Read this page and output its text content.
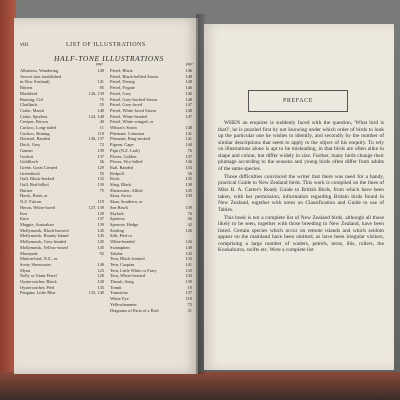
viii	LIST OF ILLUSTRATIONS
HALF-TONE ILLUSTRATIONS
page	page
Albatross, Wandering	148
Avocet (not established
in New Zealand)	141
Bittern	85
Blackbird	126, 139
Bunting, Cirl	75
Chaffinch	55
Crake, Marsh	140
Crake, Spotless	124, 140
Creeper, Brown	40
Cuckoo, Long-tailed	11
Cuckoo, Shining	110
Dotterel, Banded	136, 137
Duck, Grey	72
Gannet	139
Godwit	137
Goldfinch	56
Grebe, Great Crested	129
Greenfinch	55
Gull, Black-backed	132
Gull, Red-billed	139
Harrier	75
Hawk, Bush, or
N.Z. Falcon	119
Heron, White-faced	127, 139
Kea	120
Knot	137
Magpie, Australian	139
Mollymawk, Black-browed	145
Mollymawk, Bounty Island	145
Mollymawk, Grey-headed	145
Mollymawk, Yellow-nosed	145
Morepork	92
Mutton-bird, N.Z., or
Sooty Shearwater	148
Myna	123
Nelly or Giant Petrel	128
Oystercatcher, Black	130
Oystercatcher, Pied	135
Penguin, Little Blue	133, 140
Petrel, Black	146
Petrel, Black-bellied Storm	148
Petrel, Diving	148
Petrel, Frigate	146
Petrel, Grey	146
Petrel, Grey-backed Storm	148
Petrel, Grey-faced	147
Petrel, White-faced Storm	148
Petrel, White-headed	147
Petrel, White-winged, or
Wilson's Storm	148
Pheasant, Common	141
Pheasant, Ring-necked	141
Pigeon, Cape	144
Pipit (N.Z. Lark)	76
Plover, Golden	137
Plover, Wry-billed	136
Rail, Banded	134
Redpoll	56
Rook	135
Shag, Black	138
Shearwater, Allied	145
Skua, Arctic	139
Skua, Southern, or
Sea Hawk	139
Skylark	76
Sparrow	56
Sparrow, Hedge	42
Starling	126
Stilt, Pied or
White-headed	126
Swamphen	140
Takahe	143
Tern, Black-fronted	133
Tern, Caspian	141
Tern, Little White or Fairy	133
Tern, White-fronted	133
Thrush, Song	139
Tomtit	10
Turnstone	137
White Eye	110
Yellowhammer	75
Diagrams of Parts of a Bird	31
PREFACE

WHEN an enquirer is suddenly faced with the question, 'What bird is that?', he is puzzled first by not knowing under which order of birds to look up the particular one he wishes to identify, and secondly by the number of similar descriptions that seem to apply to the object of his enquiry. To rely on illustrations alone is apt to be misleading, in that birds are often alike in shape and colour, but differ widely in size. Further, many birds change their plumage according to the seasons and young birds often differ from adults of the same species.

Those difficulties convinced the writer that there was need for a handy, practical Guide to New Zealand birds. This work is compiled on the lines of Miss B. A. Carter's Ready Guide to British Birds, from which have been taken, with her permission, information regarding Britain birds found in New Zealand, together with notes on Classification and Guide to use of Tables.

This book is not a complete list of New Zealand birds, although all those likely to be seen, together with those breeding in New Zealand, have been listed. Certain species which occur on remote islands and which seldom appear on the mainland have been omitted, as have been irregular visitors, comprising a large number of waders, petrels, terns, ibis, rollers, the Kookaburra, swifts etc. Were a complete list
